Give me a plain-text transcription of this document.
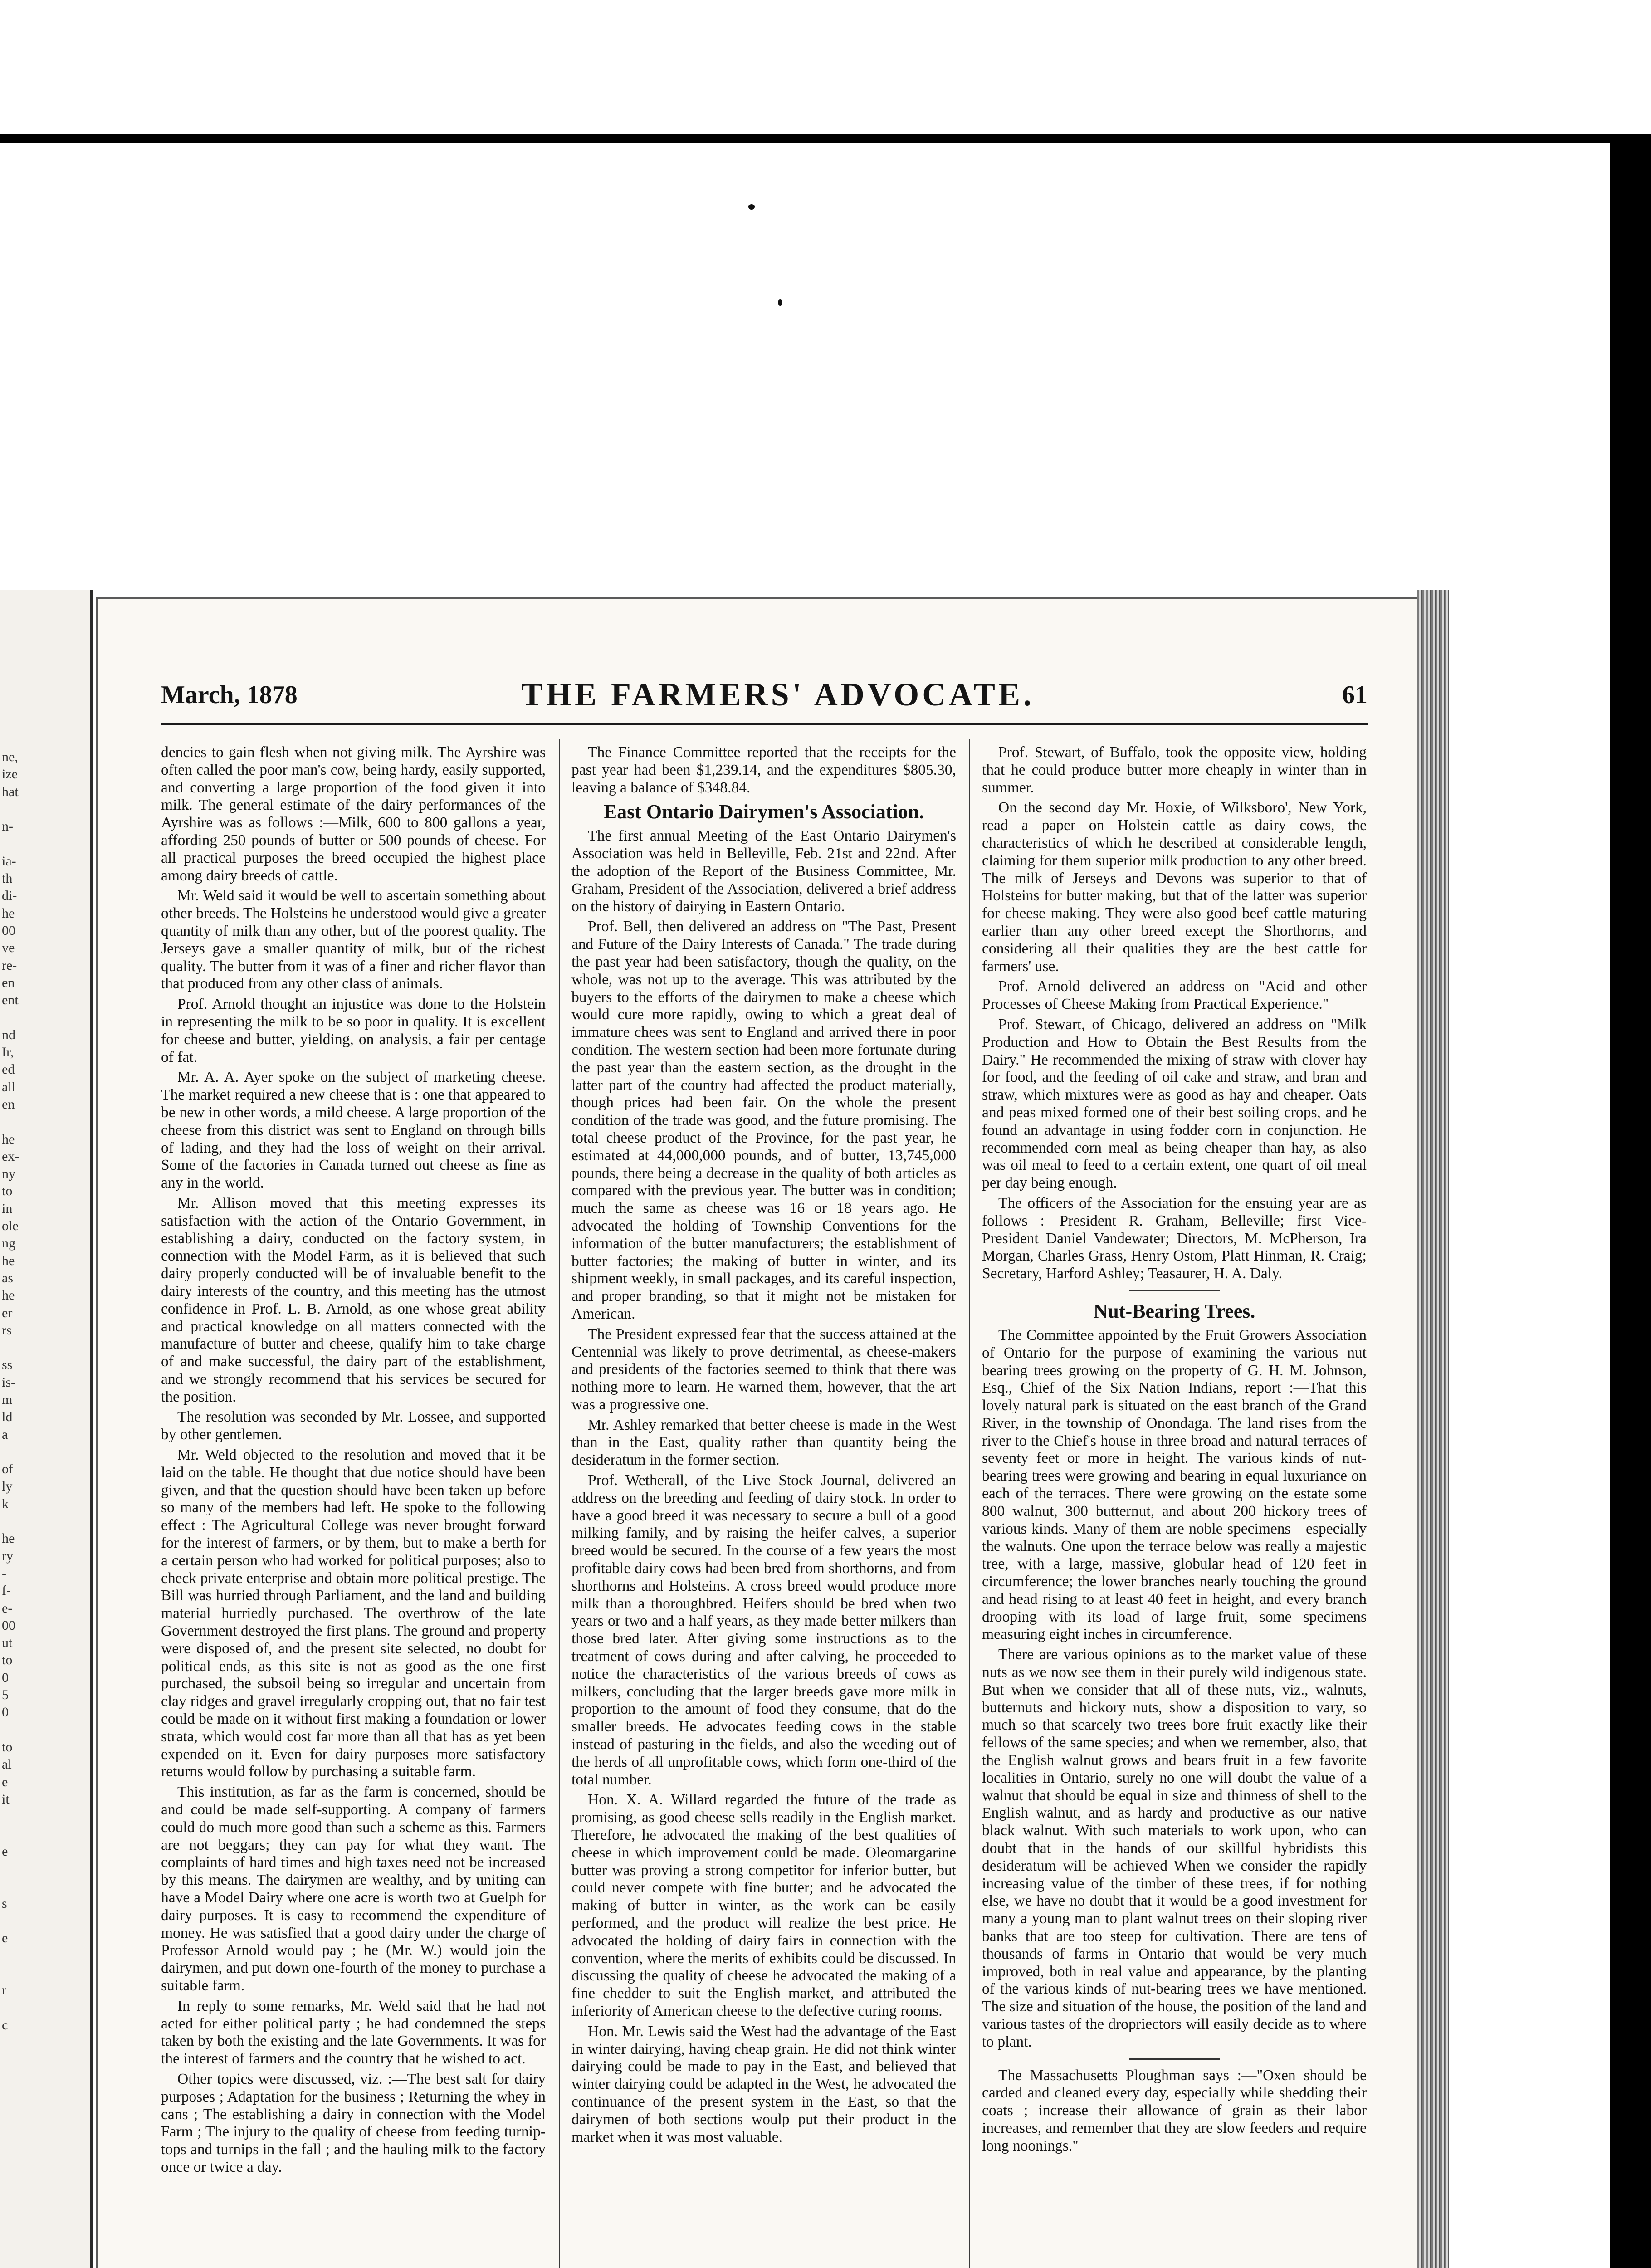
ne,
ize
hat
n-
ia-
th
di-
he
00
ve
re-
en
ent
nd
Ir,
ed
all
en
he
ex-
ny
to
in
ole
ng
he
as
he
er
rs
ss
is-
m
ld
a
of
ly
k
he
ry
-
f-
e-
00
ut
to
0
5
0
to
al
e
it
e
s
e
r
c
March, 1878	THE FARMERS' ADVOCATE.	61

dencies to gain flesh when not giving milk. The Ayrshire was often called the poor man's cow, being hardy, easily supported, and converting a large proportion of the food given it into milk. The general estimate of the dairy performances of the Ayrshire was as follows :—Milk, 600 to 800 gallons a year, affording 250 pounds of butter or 500 pounds of cheese. For all practical purposes the breed occupied the highest place among dairy breeds of cattle.

Mr. Weld said it would be well to ascertain something about other breeds. The Holsteins he understood would give a greater quantity of milk than any other, but of the poorest quality. The Jerseys gave a smaller quantity of milk, but of the richest quality. The butter from it was of a finer and richer flavor than that produced from any other class of animals.

Prof. Arnold thought an injustice was done to the Holstein in representing the milk to be so poor in quality. It is excellent for cheese and butter, yielding, on analysis, a fair per centage of fat.

Mr. A. A. Ayer spoke on the subject of marketing cheese. The market required a new cheese that is : one that appeared to be new in other words, a mild cheese. A large proportion of the cheese from this district was sent to England on through bills of lading, and they had the loss of weight on their arrival. Some of the factories in Canada turned out cheese as fine as any in the world.

Mr. Allison moved that this meeting expresses its satisfaction with the action of the Ontario Government, in establishing a dairy, conducted on the factory system, in connection with the Model Farm, as it is believed that such dairy properly conducted will be of invaluable benefit to the dairy interests of the country, and this meeting has the utmost confidence in Prof. L. B. Arnold, as one whose great ability and practical knowledge on all matters connected with the manufacture of butter and cheese, qualify him to take charge of and make successful, the dairy part of the establishment, and we strongly recommend that his services be secured for the position.

The resolution was seconded by Mr. Lossee, and supported by other gentlemen.

Mr. Weld objected to the resolution and moved that it be laid on the table. He thought that due notice should have been given, and that the question should have been taken up before so many of the members had left. He spoke to the following effect : The Agricultural College was never brought forward for the interest of farmers, or by them, but to make a berth for a certain person who had worked for political purposes; also to check private enterprise and obtain more political prestige. The Bill was hurried through Parliament, and the land and building material hurriedly purchased. The overthrow of the late Government destroyed the first plans. The ground and property were disposed of, and the present site selected, no doubt for political ends, as this site is not as good as the one first purchased, the subsoil being so irregular and uncertain from clay ridges and gravel irregularly cropping out, that no fair test could be made on it without first making a foundation or lower strata, which would cost far more than all that has as yet been expended on it. Even for dairy purposes more satisfactory returns would follow by purchasing a suitable farm.

This institution, as far as the farm is concerned, should be and could be made self-supporting. A company of farmers could do much more good than such a scheme as this. Farmers are not beggars; they can pay for what they want. The complaints of hard times and high taxes need not be increased by this means. The dairymen are wealthy, and by uniting can have a Model Dairy where one acre is worth two at Guelph for dairy purposes. It is easy to recommend the expenditure of money. He was satisfied that a good dairy under the charge of Professor Arnold would pay ; he (Mr. W.) would join the dairymen, and put down one-fourth of the money to purchase a suitable farm.

In reply to some remarks, Mr. Weld said that he had not acted for either political party ; he had condemned the steps taken by both the existing and the late Governments. It was for the interest of farmers and the country that he wished to act.

Other topics were discussed, viz. :—The best salt for dairy purposes ; Adaptation for the business ; Returning the whey in cans ; The establishing a dairy in connection with the Model Farm ; The injury to the quality of cheese from feeding turnip-tops and turnips in the fall ; and the hauling milk to the factory once or twice a day.

The Finance Committee reported that the receipts for the past year had been $1,239.14, and the expenditures $805.30, leaving a balance of $348.84.

East Ontario Dairymen's Association.

The first annual Meeting of the East Ontario Dairymen's Association was held in Belleville, Feb. 21st and 22nd. After the adoption of the Report of the Business Committee, Mr. Graham, President of the Association, delivered a brief address on the history of dairying in Eastern Ontario.

Prof. Bell, then delivered an address on "The Past, Present and Future of the Dairy Interests of Canada." The trade during the past year had been satisfactory, though the quality, on the whole, was not up to the average. This was attributed by the buyers to the efforts of the dairymen to make a cheese which would cure more rapidly, owing to which a great deal of immature chees was sent to England and arrived there in poor condition. The western section had been more fortunate during the past year than the eastern section, as the drought in the latter part of the country had affected the product materially, though prices had been fair. On the whole the present condition of the trade was good, and the future promising. The total cheese product of the Province, for the past year, he estimated at 44,000,000 pounds, and of butter, 13,745,000 pounds, there being a decrease in the quality of both articles as compared with the previous year. The butter was in condition; much the same as cheese was 16 or 18 years ago. He advocated the holding of Township Conventions for the information of the butter manufacturers; the establishment of butter factories; the making of butter in winter, and its shipment weekly, in small packages, and its careful inspection, and proper branding, so that it might not be mistaken for American.

The President expressed fear that the success attained at the Centennial was likely to prove detrimental, as cheese-makers and presidents of the factories seemed to think that there was nothing more to learn. He warned them, however, that the art was a progressive one.

Mr. Ashley remarked that better cheese is made in the West than in the East, quality rather than quantity being the desideratum in the former section.

Prof. Wetherall, of the Live Stock Journal, delivered an address on the breeding and feeding of dairy stock. In order to have a good breed it was necessary to secure a bull of a good milking family, and by raising the heifer calves, a superior breed would be secured. In the course of a few years the most profitable dairy cows had been bred from shorthorns, and from shorthorns and Holsteins. A cross breed would produce more milk than a thoroughbred. Heifers should be bred when two years or two and a half years, as they made better milkers than those bred later. After giving some instructions as to the treatment of cows during and after calving, he proceeded to notice the characteristics of the various breeds of cows as milkers, concluding that the larger breeds gave more milk in proportion to the amount of food they consume, that do the smaller breeds. He advocates feeding cows in the stable instead of pasturing in the fields, and also the weeding out of the herds of all unprofitable cows, which form one-third of the total number.

Hon. X. A. Willard regarded the future of the trade as promising, as good cheese sells readily in the English market. Therefore, he advocated the making of the best qualities of cheese in which improvement could be made. Oleomargarine butter was proving a strong competitor for inferior butter, but could never compete with fine butter; and he advocated the making of butter in winter, as the work can be easily performed, and the product will realize the best price. He advocated the holding of dairy fairs in connection with the convention, where the merits of exhibits could be discussed. In discussing the quality of cheese he advocated the making of a fine chedder to suit the English market, and attributed the inferiority of American cheese to the defective curing rooms.

Hon. Mr. Lewis said the West had the advantage of the East in winter dairying, having cheap grain. He did not think winter dairying could be made to pay in the East, and believed that winter dairying could be adapted in the West, he advocated the continuance of the present system in the East, so that the dairymen of both sections woulp put their product in the market when it was most valuable.

Prof. Stewart, of Buffalo, took the opposite view, holding that he could produce butter more cheaply in winter than in summer.

On the second day Mr. Hoxie, of Wilksboro', New York, read a paper on Holstein cattle as dairy cows, the characteristics of which he described at considerable length, claiming for them superior milk production to any other breed. The milk of Jerseys and Devons was superior to that of Holsteins for butter making, but that of the latter was superior for cheese making. They were also good beef cattle maturing earlier than any other breed except the Shorthorns, and considering all their qualities they are the best cattle for farmers' use.

Prof. Arnold delivered an address on "Acid and other Processes of Cheese Making from Practical Experience."

Prof. Stewart, of Chicago, delivered an address on "Milk Production and How to Obtain the Best Results from the Dairy." He recommended the mixing of straw with clover hay for food, and the feeding of oil cake and straw, and bran and straw, which mixtures were as good as hay and cheaper. Oats and peas mixed formed one of their best soiling crops, and he found an advantage in using fodder corn in conjunction. He recommended corn meal as being cheaper than hay, as also was oil meal to feed to a certain extent, one quart of oil meal per day being enough.

The officers of the Association for the ensuing year are as follows :—President R. Graham, Belleville; first Vice-President Daniel Vandewater; Directors, M. McPherson, Ira Morgan, Charles Grass, Henry Ostom, Platt Hinman, R. Craig; Secretary, Harford Ashley; Teasaurer, H. A. Daly.

Nut-Bearing Trees.

The Committee appointed by the Fruit Growers Association of Ontario for the purpose of examining the various nut bearing trees growing on the property of G. H. M. Johnson, Esq., Chief of the Six Nation Indians, report :—That this lovely natural park is situated on the east branch of the Grand River, in the township of Onondaga. The land rises from the river to the Chief's house in three broad and natural terraces of seventy feet or more in height. The various kinds of nut-bearing trees were growing and bearing in equal luxuriance on each of the terraces. There were growing on the estate some 800 walnut, 300 butternut, and about 200 hickory trees of various kinds. Many of them are noble specimens—especially the walnuts. One upon the terrace below was really a majestic tree, with a large, massive, globular head of 120 feet in circumference; the lower branches nearly touching the ground and head rising to at least 40 feet in height, and every branch drooping with its load of large fruit, some specimens measuring eight inches in circumference.

There are various opinions as to the market value of these nuts as we now see them in their purely wild indigenous state. But when we consider that all of these nuts, viz., walnuts, butternuts and hickory nuts, show a disposition to vary, so much so that scarcely two trees bore fruit exactly like their fellows of the same species; and when we remember, also, that the English walnut grows and bears fruit in a few favorite localities in Ontario, surely no one will doubt the value of a walnut that should be equal in size and thinness of shell to the English walnut, and as hardy and productive as our native black walnut. With such materials to work upon, who can doubt that in the hands of our skillful hybridists this desideratum will be achieved When we consider the rapidly increasing value of the timber of these trees, if for nothing else, we have no doubt that it would be a good investment for many a young man to plant walnut trees on their sloping river banks that are too steep for cultivation. There are tens of thousands of farms in Ontario that would be very much improved, both in real value and appearance, by the planting of the various kinds of nut-bearing trees we have mentioned. The size and situation of the house, the position of the land and various tastes of the dropriectors will easily decide as to where to plant.

The Massachusetts Ploughman says :—"Oxen should be carded and cleaned every day, especially while shedding their coats ; increase their allowance of grain as their labor increases, and remember that they are slow feeders and require long noonings."
